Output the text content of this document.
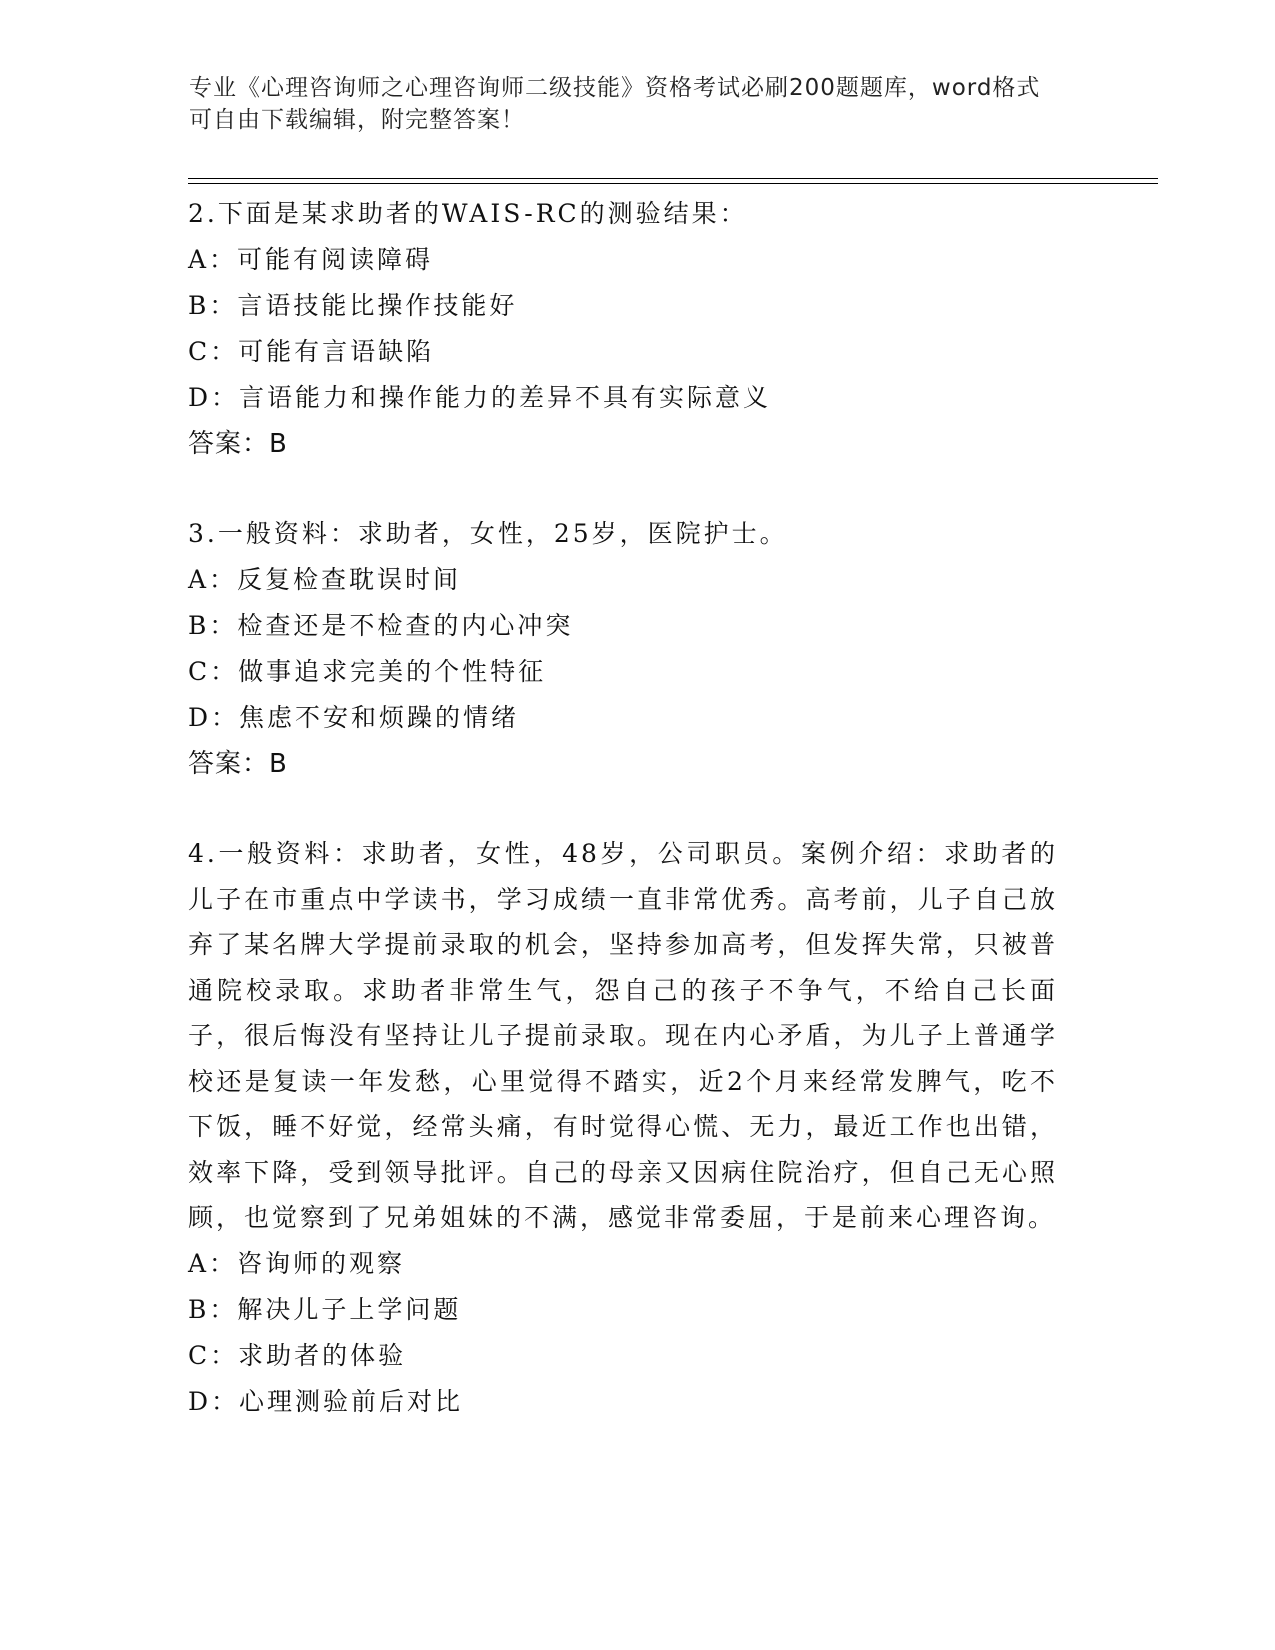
专业《心理咨询师之心理咨询师二级技能》资格考试必刷200题题库，word格式
可自由下载编辑，附完整答案！

2.下面是某求助者的WAIS-RC的测验结果：

A：可能有阅读障碍

B：言语技能比操作技能好

C：可能有言语缺陷

D：言语能力和操作能力的差异不具有实际意义

答案：B

3.一般资料：求助者，女性，25岁，医院护士。

A：反复检查耽误时间

B：检查还是不检查的内心冲突

C：做事追求完美的个性特征

D：焦虑不安和烦躁的情绪

答案：B

4.一般资料：求助者，女性，48岁，公司职员。案例介绍：求助者的儿子在市重点中学读书，学习成绩一直非常优秀。高考前，儿子自己放弃了某名牌大学提前录取的机会，坚持参加高考，但发挥失常，只被普通院校录取。求助者非常生气，怨自己的孩子不争气，不给自己长面子，很后悔没有坚持让儿子提前录取。现在内心矛盾，为儿子上普通学校还是复读一年发愁，心里觉得不踏实，近2个月来经常发脾气，吃不下饭，睡不好觉，经常头痛，有时觉得心慌、无力，最近工作也出错，效率下降，受到领导批评。自己的母亲又因病住院治疗，但自己无心照顾，也觉察到了兄弟姐妹的不满，感觉非常委屈，于是前来心理咨询。

A：咨询师的观察

B：解决儿子上学问题

C：求助者的体验

D：心理测验前后对比
